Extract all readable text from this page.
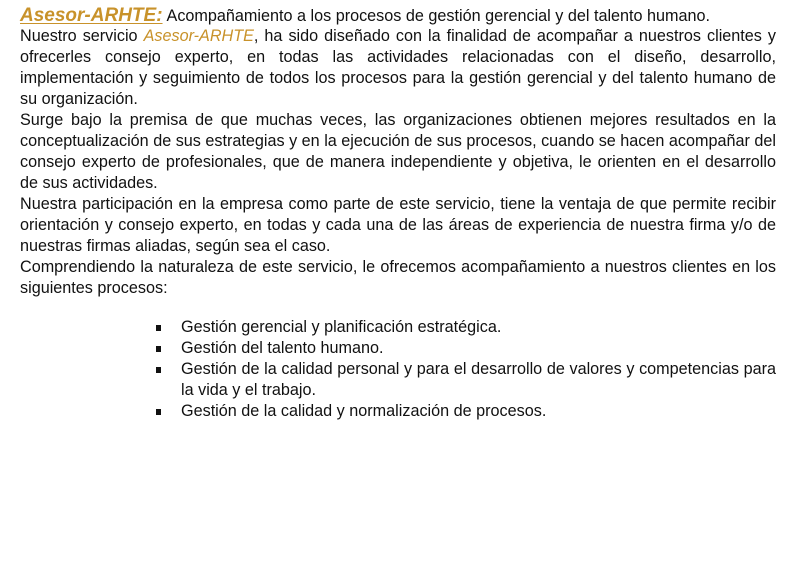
Asesor-ARHTE: Acompañamiento a los procesos de gestión gerencial y del talento humano.

Nuestro servicio Asesor-ARHTE, ha sido diseñado con la finalidad de acompañar a nuestros clientes y ofrecerles consejo experto, en todas las actividades relacionadas con el diseño, desarrollo, implementación y seguimiento de todos los procesos para la gestión gerencial y del talento humano de su organización.

Surge bajo la premisa de que muchas veces, las organizaciones obtienen mejores resultados en la conceptualización de sus estrategias y en la ejecución de sus procesos, cuando se hacen acompañar del consejo experto de profesionales, que de manera independiente y objetiva, le orienten en el desarrollo de sus actividades.

Nuestra participación en la empresa como parte de este servicio, tiene la ventaja de que permite recibir orientación y consejo experto, en todas y cada una de las áreas de experiencia de nuestra firma y/o de nuestras firmas aliadas, según sea el caso.

Comprendiendo la naturaleza de este servicio, le ofrecemos acompañamiento a nuestros clientes en los siguientes procesos:

Gestión gerencial y planificación estratégica.
Gestión del talento humano.
Gestión de la calidad personal y para el desarrollo de valores y competencias para la vida y el trabajo.
Gestión de la calidad y normalización de procesos.
